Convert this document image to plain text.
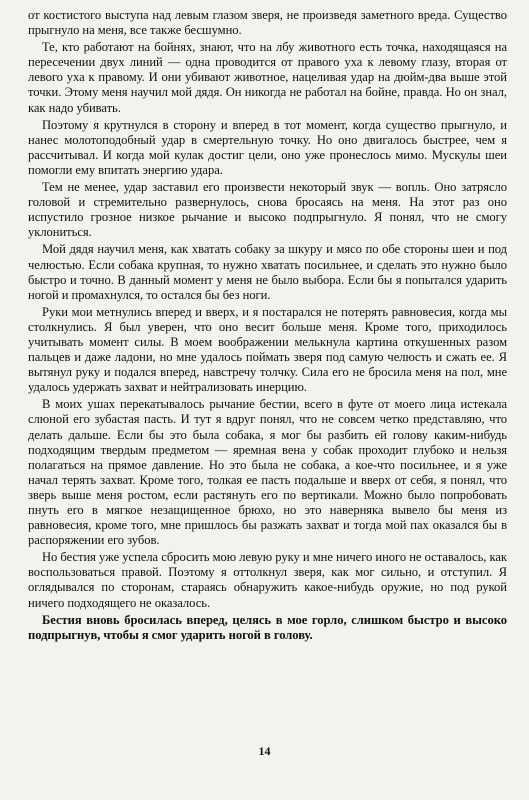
от костистого выступа над левым глазом зверя, не произведя заметного вреда. Существо прыгнуло на меня, все также бесшумно.

Те, кто работают на бойнях, знают, что на лбу животного есть точка, находящаяся на пересечении двух линий — одна проводится от правого уха к левому глазу, вторая от левого уха к правому. И они убивают животное, нацеливая удар на дюйм-два выше этой точки. Этому меня научил мой дядя. Он никогда не работал на бойне, правда. Но он знал, как надо убивать.

Поэтому я крутнулся в сторону и вперед в тот момент, когда существо прыгнуло, и нанес молотоподобный удар в смертельную точку. Но оно двигалось быстрее, чем я рассчитывал. И когда мой кулак достиг цели, оно уже пронеслось мимо. Мускулы шеи помогли ему впитать энергию удара.

Тем не менее, удар заставил его произвести некоторый звук — вопль. Оно затрясло головой и стремительно развернулось, снова бросаясь на меня. На этот раз оно испустило грозное низкое рычание и высоко подпрыгнуло. Я понял, что не смогу уклониться.

Мой дядя научил меня, как хватать собаку за шкуру и мясо по обе стороны шеи и под челюстью. Если собака крупная, то нужно хватать посильнее, и сделать это нужно было быстро и точно. В данный момент у меня не было выбора. Если бы я попытался ударить ногой и промахнулся, то остался бы без ноги.

Руки мои метнулись вперед и вверх, и я постарался не потерять равновесия, когда мы столкнулись. Я был уверен, что оно весит больше меня. Кроме того, приходилось учитывать момент силы. В моем воображении мелькнула картина откушенных разом пальцев и даже ладони, но мне удалось поймать зверя под самую челюсть и сжать ее. Я вытянул руку и подался вперед, навстречу толчку. Сила его не бросила меня на пол, мне удалось удержать захват и нейтрализовать инерцию.

В моих ушах перекатывалось рычание бестии, всего в футе от моего лица истекала слюной его зубастая пасть. И тут я вдруг понял, что не совсем четко представляю, что делать дальше. Если бы это была собака, я мог бы разбить ей голову каким-нибудь подходящим твердым предметом — яремная вена у собак проходит глубоко и нельзя полагаться на прямое давление. Но это была не собака, а кое-что посильнее, и я уже начал терять захват. Кроме того, толкая ее пасть подальше и вверх от себя, я понял, что зверь выше меня ростом, если растянуть его по вертикали. Можно было попробовать пнуть его в мягкое незащищенное брюхо, но это наверняка вывело бы меня из равновесия, кроме того, мне пришлось бы разжать захват и тогда мой пах оказался бы в распоряжении его зубов.

Но бестия уже успела сбросить мою левую руку и мне ничего иного не оставалось, как воспользоваться правой. Поэтому я оттолкнул зверя, как мог сильно, и отступил. Я оглядывался по сторонам, стараясь обнаружить какое-нибудь оружие, но под рукой ничего подходящего не оказалось.

Бестия вновь бросилась вперед, целясь в мое горло, слишком быстро и высоко подпрыгнув, чтобы я смог ударить ногой в голову.

14
